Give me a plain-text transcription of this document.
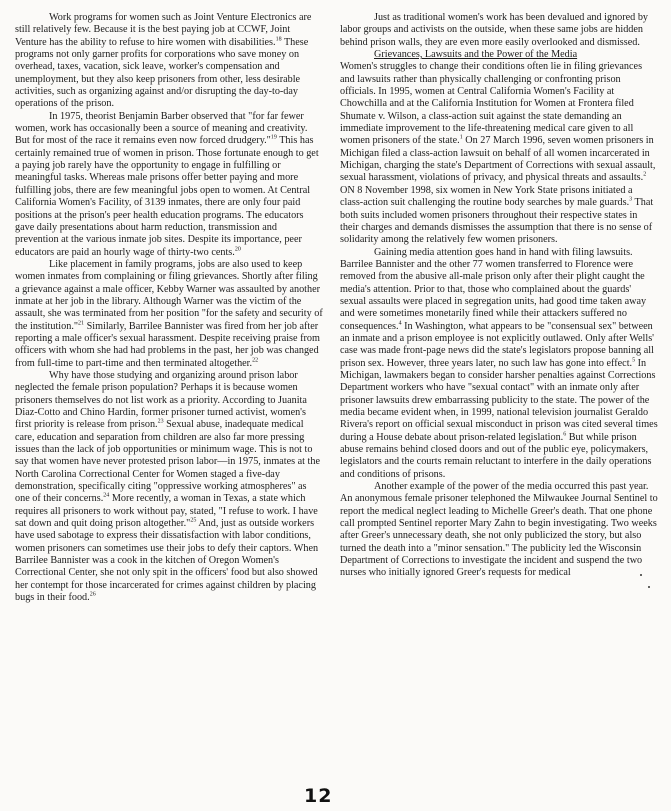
Work programs for women such as Joint Venture Electronics are still relatively few. Because it is the best paying job at CCWF, Joint Venture has the ability to refuse to hire women with disabilities.$^{18}$ These programs not only garner profits for corporations who save money on overhead, taxes, vacation, sick leave, worker's compensation and unemployment, but they also keep prisoners from other, less desirable activities, such as organizing against and/or disrupting the day-to-day operations of the prison.

In 1975, theorist Benjamin Barber observed that "for far fewer women, work has occasionally been a source of meaning and creativity. But for most of the race it remains even now forced drudgery."$^{19}$ This has certainly remained true of women in prison. Those fortunate enough to get a paying job rarely have the opportunity to engage in fulfilling or meaningful tasks. Whereas male prisons offer better paying and more fulfilling jobs, there are few meaningful jobs open to women. At Central California Women's Facility, of 3139 inmates, there are only four paid positions at the prison's peer health education programs. The educators gave daily presentations about harm reduction, transmission and prevention at the various inmate job sites. Despite its importance, peer educators are paid an hourly wage of thirty-two cents.$^{20}$

Like placement in family programs, jobs are also used to keep women inmates from complaining or filing grievances. Shortly after filing a grievance against a male officer, Kebby Warner was assaulted by another inmate at her job in the library. Although Warner was the victim of the assault, she was terminated from her position "for the safety and security of the institution."$^{21}$ Similarly, Barrilee Bannister was fired from her job after reporting a male officer's sexual harassment. Despite receiving praise from officers with whom she had had problems in the past, her job was changed from full-time to part-time and then terminated altogether.$^{22}$

Why have those studying and organizing around prison labor neglected the female prison population? Perhaps it is because women prisoners themselves do not list work as a priority. According to Juanita Diaz-Cotto and Chino Hardin, former prisoner turned activist, women's first priority is release from prison.$^{23}$ Sexual abuse, inadequate medical care, education and separation from children are also far more pressing issues than the lack of job opportunities or minimum wage. This is not to say that women have never protested prison labor—in 1975, inmates at the North Carolina Correctional Center for Women staged a five-day demonstration, specifically citing "oppressive working atmospheres" as one of their concerns.$^{24}$ More recently, a woman in Texas, a state which requires all prisoners to work without pay, stated, "I refuse to work. I have sat down and quit doing prison altogether."$^{25}$ And, just as outside workers have used sabotage to express their dissatisfaction with labor conditions, women prisoners can sometimes use their jobs to defy their captors. When Barrilee Bannister was a cook in the kitchen of Oregon Women's Correctional Center, she not only spit in the officers' food but also showed her contempt for those incarcerated for crimes against children by placing bugs in their food.$^{26}$

Just as traditional women's work has been devalued and ignored by labor groups and activists on the outside, when these same jobs are hidden behind prison walls, they are even more easily overlooked and dismissed.

Grievances, Lawsuits and the Power of the Media

Women's struggles to change their conditions often lie in filing grievances and lawsuits rather than physically challenging or confronting prison officials. In 1995, women at Central California Women's Facility at Chowchilla and at the California Institution for Women at Frontera filed Shumate v. Wilson, a class-action suit against the state demanding an immediate improvement to the life-threatening medical care given to all women prisoners of the state.$^1$ On 27 March 1996, seven women prisoners in Michigan filed a class-action lawsuit on behalf of all women incarcerated in Michigan, charging the state's Department of Corrections with sexual assault, sexual harassment, violations of privacy, and physical threats and assaults.$^2$ ON 8 November 1998, six women in New York State prisons initiated a class-action suit challenging the routine body searches by male guards.$^3$ That both suits included women prisoners throughout their respective states in their charges and demands dismisses the assumption that there is no sense of solidarity among the relatively few women prisoners.

Gaining media attention goes hand in hand with filing lawsuits. Barrilee Bannister and the other 77 women transferred to Florence were removed from the abusive all-male prison only after their plight caught the media's attention. Prior to that, those who complained about the guards' sexual assaults were placed in segregation units, had good time taken away and were sometimes monetarily fined while their attackers suffered no consequences.$^4$ In Washington, what appears to be "consensual sex" between an inmate and a prison employee is not explicitly outlawed. Only after Wells' case was made front-page news did the state's legislators propose banning all prison sex. However, three years later, no such law has gone into effect.$^5$ In Michigan, lawmakers began to consider harsher penalties against Corrections Department workers who have "sexual contact" with an inmate only after prisoner lawsuits drew embarrassing publicity to the state. The power of the media became evident when, in 1999, national television journalist Geraldo Rivera's report on official sexual misconduct in prison was cited several times during a House debate about prison-related legislation.$^6$ But while prison abuse remains behind closed doors and out of the public eye, policymakers, legislators and the courts remain reluctant to interfere in the daily operations and conditions of prisons.

Another example of the power of the media occurred this past year. An anonymous female prisoner telephoned the Milwaukee Journal Sentinel to report the medical neglect leading to Michelle Greer's death. That one phone call prompted Sentinel reporter Mary Zahn to begin investigating. Two weeks after Greer's unnecessary death, she not only publicized the story, but also turned the death into a "minor sensation." The publicity led the Wisconsin Department of Corrections to investigate the incident and suspend the two nurses who initially ignored Greer's requests for medical

12
